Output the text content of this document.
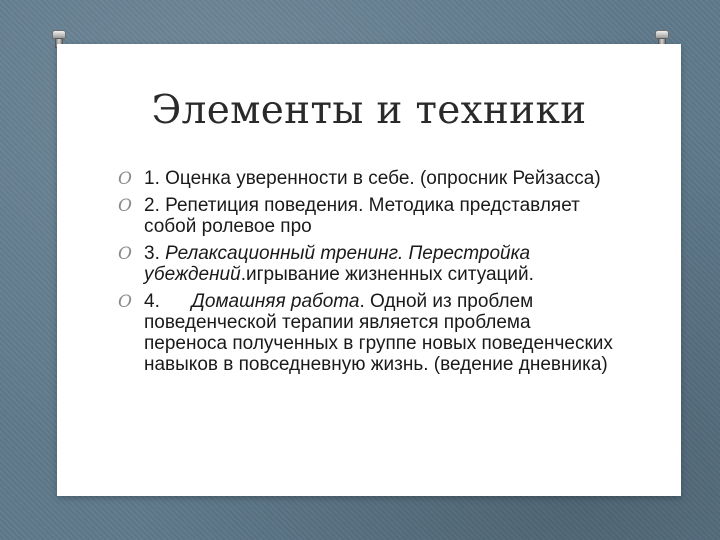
Элементы и техники
O 1. Оценка уверенности в себе. (опросник Рейзасса)
O 2. Репетиция поведения. Методика представляет собой ролевое про
O 3. Релаксационный тренинг. Перестройка убеждений.игрывание жизненных ситуаций.
O 4.      Домашняя работа. Одной из проблем поведенческой терапии является проблема переноса полученных в группе новых поведенческих навыков в повседневную жизнь. (ведение дневника)
